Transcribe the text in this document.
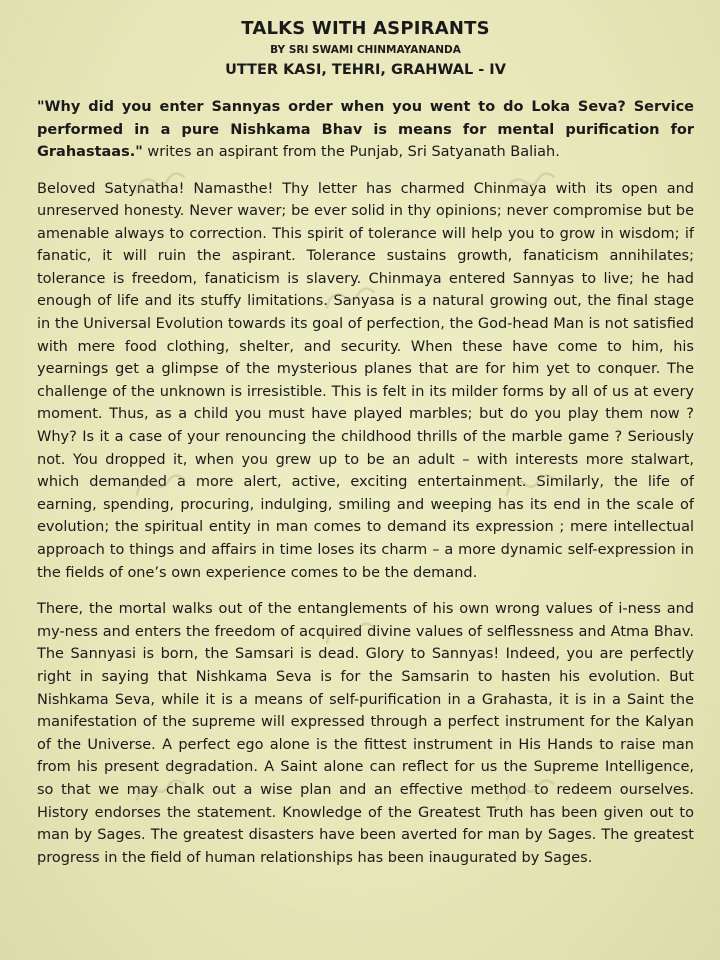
TALKS WITH ASPIRANTS
BY SRI SWAMI CHINMAYANANDA
UTTER KASI, TEHRI, GRAHWAL - IV

"Why did you enter Sannyas order when you went to do Loka Seva? Service performed in a pure Nishkama Bhav is means for mental purification for Grahastaas." writes an aspirant from the Punjab, Sri Satyanath Baliah.

Beloved Satynatha! Namasthe! Thy letter has charmed Chinmaya with its open and unreserved honesty. Never waver; be ever solid in thy opinions; never compromise but be amenable always to correction. This spirit of tolerance will help you to grow in wisdom; if fanatic, it will ruin the aspirant. Tolerance sustains growth, fanaticism annihilates; tolerance is freedom, fanaticism is slavery. Chinmaya entered Sannyas to live; he had enough of life and its stuffy limitations. Sanyasa is a natural growing out, the final stage in the Universal Evolution towards its goal of perfection, the God-head Man is not satisfied with mere food clothing, shelter, and security. When these have come to him, his yearnings get a glimpse of the mysterious planes that are for him yet to conquer. The challenge of the unknown is irresistible. This is felt in its milder forms by all of us at every moment. Thus, as a child you must have played marbles; but do you play them now ? Why? Is it a case of your renouncing the childhood thrills of the marble game ? Seriously not. You dropped it, when you grew up to be an adult – with interests more stalwart, which demanded a more alert, active, exciting entertainment. Similarly, the life of earning, spending, procuring, indulging, smiling and weeping has its end in the scale of evolution; the spiritual entity in man comes to demand its expression ; mere intellectual approach to things and affairs in time loses its charm – a more dynamic self-expression in the fields of one’s own experience comes to be the demand.

There, the mortal walks out of the entanglements of his own wrong values of i-ness and my-ness and enters the freedom of acquired divine values of selflessness and Atma Bhav. The Sannyasi is born, the Samsari is dead. Glory to Sannyas! Indeed, you are perfectly right in saying that Nishkama Seva is for the Samsarin to hasten his evolution. But Nishkama Seva, while it is a means of self-purification in a Grahasta, it is in a Saint the manifestation of the supreme will expressed through a perfect instrument for the Kalyan of the Universe. A perfect ego alone is the fittest instrument in His Hands to raise man from his present degradation. A Saint alone can reflect for us the Supreme Intelligence, so that we may chalk out a wise plan and an effective method to redeem ourselves. History endorses the statement. Knowledge of the Greatest Truth has been given out to man by Sages. The greatest disasters have been averted for man by Sages. The greatest progress in the field of human relationships has been inaugurated by Sages.
